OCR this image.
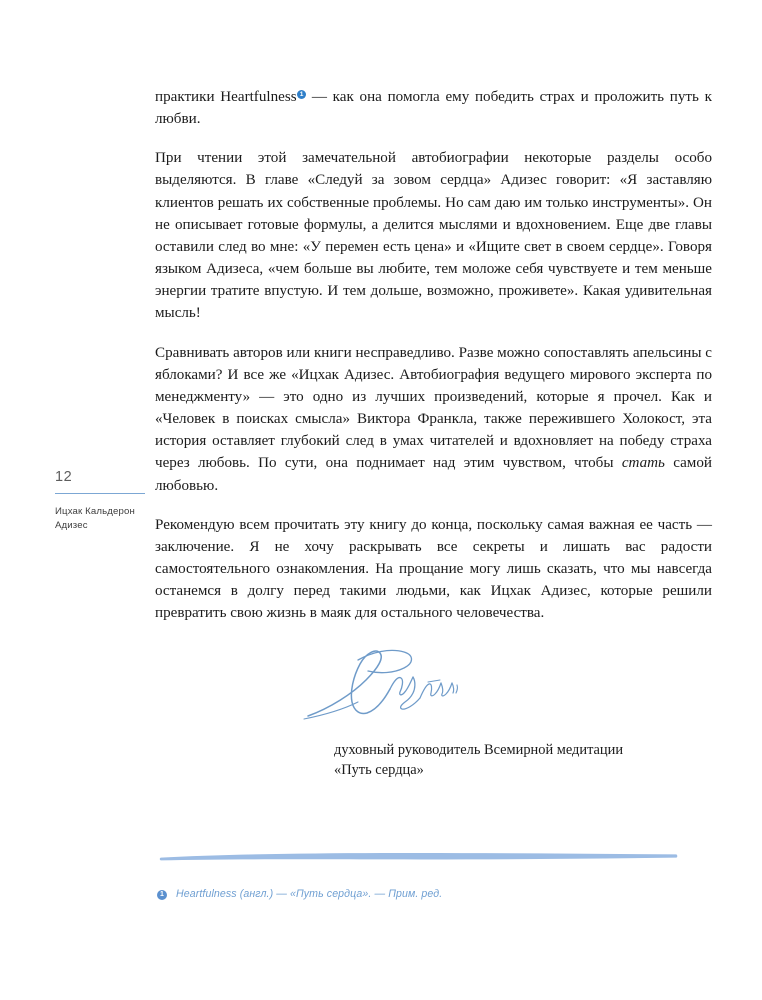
12
Ицхак Кальдерон
Адизес

практики Heartfulness $^1$ — как она помогла ему победить страх и проложить путь к любви.

При чтении этой замечательной автобиографии некоторые разделы особо выделяются. В главе «Следуй за зовом сердца» Адизес говорит: «Я заставляю клиентов решать их собственные проблемы. Но сам даю им только инструменты». Он не описывает готовые формулы, а делится мыслями и вдохновением. Еще две главы оставили след во мне: «У перемен есть цена» и «Ищите свет в своем сердце». Говоря языком Адизеса, «чем больше вы любите, тем моложе себя чувствуете и тем меньше энергии тратите впустую. И тем дольше, возможно, проживете». Какая удивительная мысль!

Сравнивать авторов или книги несправедливо. Разве можно сопоставлять апельсины с яблоками? И все же «Ицхак Адизес. Автобиография ведущего мирового эксперта по менеджменту» — это одно из лучших произведений, которые я прочел. Как и «Человек в поисках смысла» Виктора Франкла, также пережившего Холокост, эта история оставляет глубокий след в умах читателей и вдохновляет на победу страха через любовь. По сути, она поднимает над этим чувством, чтобы стать самой любовью.

Рекомендую всем прочитать эту книгу до конца, поскольку самая важная ее часть — заключение. Я не хочу раскрывать все секреты и лишать вас радости самостоятельного ознакомления. На прощание могу лишь сказать, что мы навсегда останемся в долгу перед такими людьми, как Ицхак Адизес, которые решили превратить свою жизнь в маяк для остального человечества.

духовный руководитель Всемирной медитации
«Путь сердца»
1 Heartfulness (англ.) — «Путь сердца». — Прим. ред.
